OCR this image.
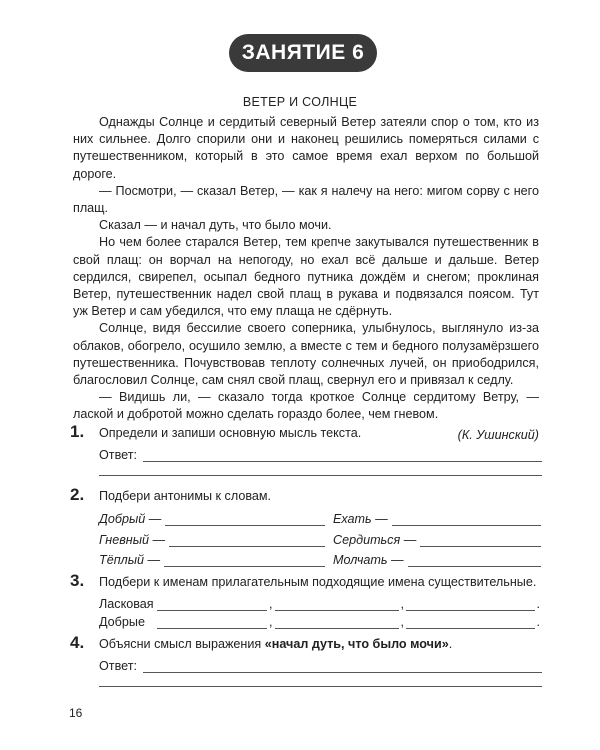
ЗАНЯТИЕ 6
ВЕТЕР И СОЛНЦЕ

Однажды Солнце и сердитый северный Ветер затеяли спор о том, кто из них сильнее. Долго спорили они и наконец решились померяться силами с путешественником, который в это самое время ехал верхом по большой дороге.

— Посмотри, — сказал Ветер, — как я налечу на него: мигом сорву с него плащ.

Сказал — и начал дуть, что было мочи.

Но чем более старался Ветер, тем крепче закутывался путешественник в свой плащ: он ворчал на непогоду, но ехал всё дальше и дальше. Ветер сердился, свирепел, осыпал бедного путника дождём и снегом; проклиная Ветер, путешественник надел свой плащ в рукава и подвязался поясом. Тут уж Ветер и сам убедился, что ему плаща не сдёрнуть.

Солнце, видя бессилие своего соперника, улыбнулось, выглянуло из-за облаков, обогрело, осушило землю, а вместе с тем и бедного полузамёрзшего путешественника. Почувствовав теплоту солнечных лучей, он приободрился, благословил Солнце, сам снял свой плащ, свернул его и привязал к седлу.

— Видишь ли, — сказало тогда кроткое Солнце сердитому Ветру, — лаской и добротой можно сделать гораздо более, чем гневом.

(К. Ушинский)

1. Определи и запиши основную мысль текста.
Ответ:
2. Подбери антонимы к словам.
Добрый —	Ехать —
Гневный —	Сердиться —
Тёплый —	Молчать —
3. Подбери к именам прилагательным подходящие имена существительные.
Ласковая	,	,	.
Добрые	,	,	.
4. Объясни смысл выражения «начал дуть, что было мочи».
Ответ:
16
